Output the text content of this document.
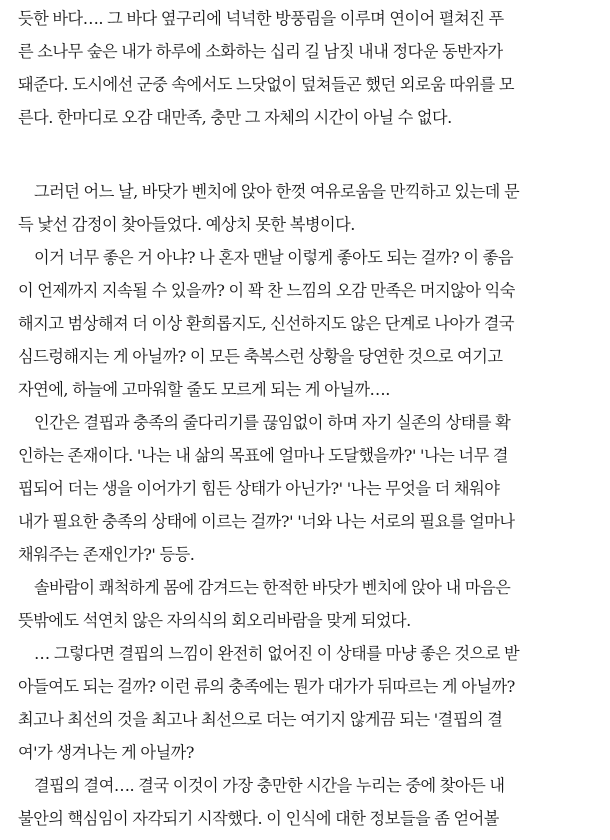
듯한 바다…. 그 바다 옆구리에 넉넉한 방풍림을 이루며 연이어 펼쳐진 푸
른 소나무 숲은 내가 하루에 소화하는 십리 길 남짓 내내 정다운 동반자가
돼준다. 도시에선 군중 속에서도 느닷없이 덮쳐들곤 했던 외로움 따위를 모
른다. 한마디로 오감 대만족, 충만 그 자체의 시간이 아닐 수 없다.
그러던 어느 날, 바닷가 벤치에 앉아 한껏 여유로움을 만끽하고 있는데 문
득 낯선 감정이 찾아들었다. 예상치 못한 복병이다.
이거 너무 좋은 거 아냐? 나 혼자 맨날 이렇게 좋아도 되는 걸까? 이 좋음
이 언제까지 지속될 수 있을까? 이 꽉 찬 느낌의 오감 만족은 머지않아 익숙
해지고 범상해져 더 이상 환희롭지도, 신선하지도 않은 단계로 나아가 결국
심드렁해지는 게 아닐까? 이 모든 축복스런 상황을 당연한 것으로 여기고
자연에, 하늘에 고마워할 줄도 모르게 되는 게 아닐까….
인간은 결핍과 충족의 줄다리기를 끊임없이 하며 자기 실존의 상태를 확
인하는 존재이다. '나는 내 삶의 목표에 얼마나 도달했을까?' '나는 너무 결
핍되어 더는 생을 이어가기 힘든 상태가 아닌가?' '나는 무엇을 더 채워야
내가 필요한 충족의 상태에 이르는 걸까?' '너와 나는 서로의 필요를 얼마나
채워주는 존재인가?' 등등.
솔바람이 쾌척하게 몸에 감겨드는 한적한 바닷가 벤치에 앉아 내 마음은
뜻밖에도 석연치 않은 자의식의 회오리바람을 맞게 되었다.
… 그렇다면 결핍의 느낌이 완전히 없어진 이 상태를 마냥 좋은 것으로 받
아들여도 되는 걸까? 이런 류의 충족에는 뭔가 대가가 뒤따르는 게 아닐까?
최고나 최선의 것을 최고나 최선으로 더는 여기지 않게끔 되는 '결핍의 결
여'가 생겨나는 게 아닐까?
결핍의 결여…. 결국 이것이 가장 충만한 시간을 누리는 중에 찾아든 내
불안의 핵심임이 자각되기 시작했다. 이 인식에 대한 정보들을 좀 얻어볼
